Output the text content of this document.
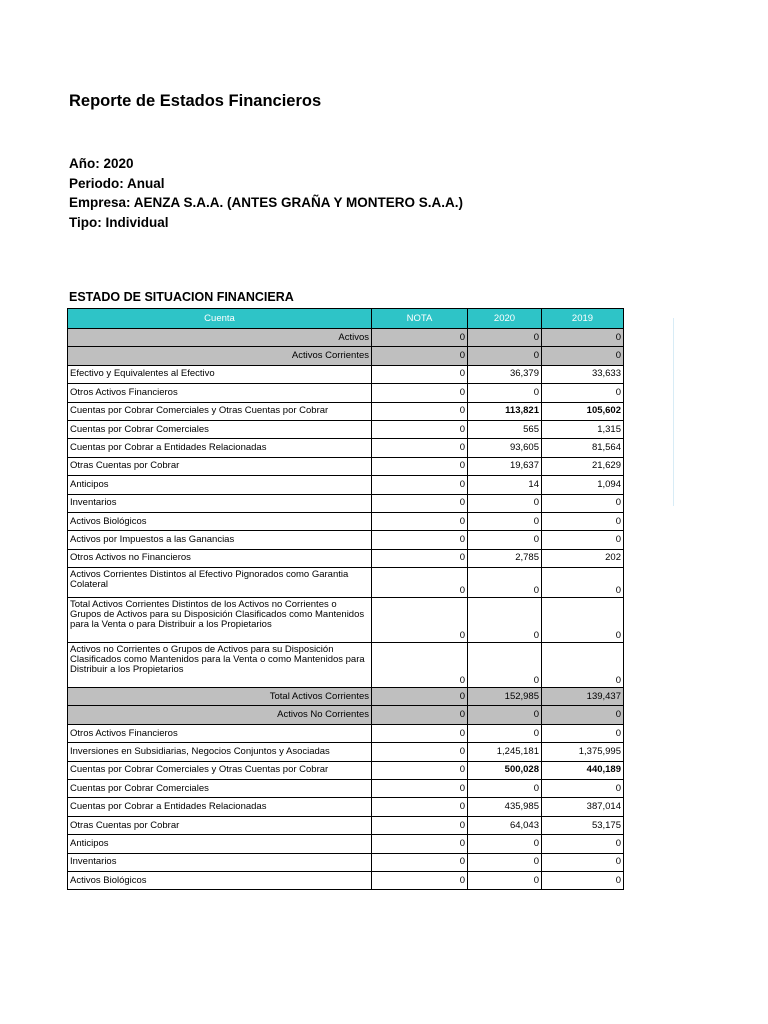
Reporte de Estados Financieros
Año: 2020
Periodo: Anual
Empresa: AENZA S.A.A. (ANTES GRAÑA Y MONTERO S.A.A.)
Tipo: Individual
ESTADO DE SITUACION FINANCIERA
Cuenta	NOTA	2020	2019
Activos	0	0	0
Activos Corrientes	0	0	0
Efectivo y Equivalentes al Efectivo	0	36,379	33,633
Otros Activos Financieros	0	0	0
Cuentas por Cobrar Comerciales y Otras Cuentas por Cobrar	0	113,821	105,602
Cuentas por Cobrar Comerciales	0	565	1,315
Cuentas por Cobrar a Entidades Relacionadas	0	93,605	81,564
Otras Cuentas por Cobrar	0	19,637	21,629
Anticipos	0	14	1,094
Inventarios	0	0	0
Activos Biológicos	0	0	0
Activos por Impuestos a las Ganancias	0	0	0
Otros Activos no Financieros	0	2,785	202
Activos Corrientes Distintos al Efectivo Pignorados como Garantia Colateral	0	0	0
Total Activos Corrientes Distintos de los Activos no Corrientes o Grupos de Activos para su Disposición Clasificados como Mantenidos para la Venta o para Distribuir a los Propietarios	0	0	0
Activos no Corrientes o Grupos de Activos para su Disposición Clasificados como Mantenidos para la Venta o como Mantenidos para Distribuir a los Propietarios	0	0	0
Total Activos Corrientes	0	152,985	139,437
Activos No Corrientes	0	0	0
Otros Activos Financieros	0	0	0
Inversiones en Subsidiarias, Negocios Conjuntos y Asociadas	0	1,245,181	1,375,995
Cuentas por Cobrar Comerciales y Otras Cuentas por Cobrar	0	500,028	440,189
Cuentas por Cobrar Comerciales	0	0	0
Cuentas por Cobrar a Entidades Relacionadas	0	435,985	387,014
Otras Cuentas por Cobrar	0	64,043	53,175
Anticipos	0	0	0
Inventarios	0	0	0
Activos Biológicos	0	0	0
